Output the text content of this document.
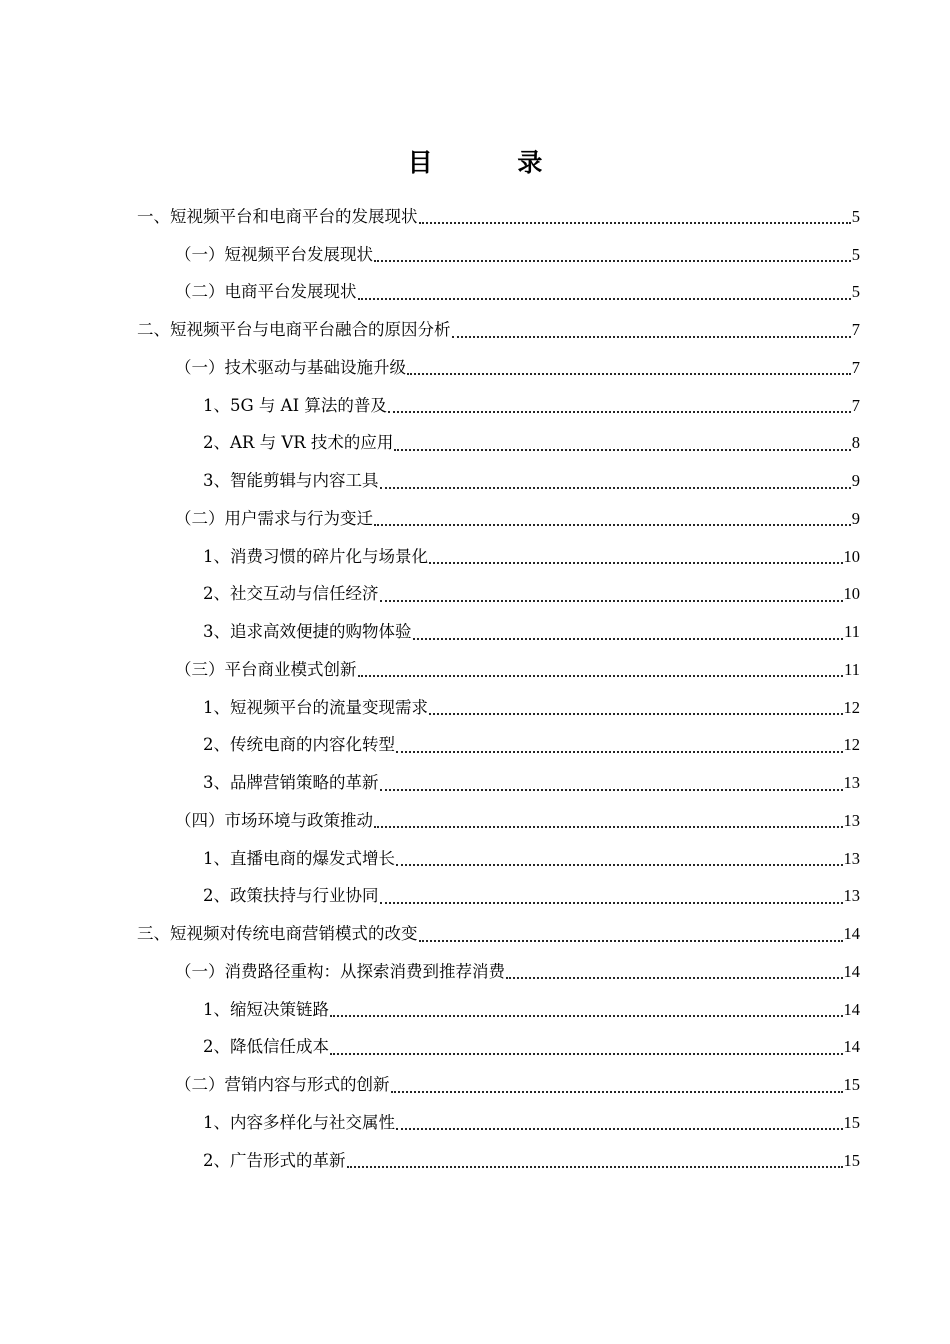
目 录
一、短视频平台和电商平台的发展现状	5
（一）短视频平台发展现状	5
（二）电商平台发展现状	5
二、短视频平台与电商平台融合的原因分析	7
（一）技术驱动与基础设施升级	7
1、5G 与 AI 算法的普及	7
2、AR 与 VR 技术的应用	8
3、智能剪辑与内容工具	9
（二）用户需求与行为变迁	9
1、消费习惯的碎片化与场景化	10
2、社交互动与信任经济	10
3、追求高效便捷的购物体验	11
（三）平台商业模式创新	11
1、短视频平台的流量变现需求	12
2、传统电商的内容化转型	12
3、品牌营销策略的革新	13
（四）市场环境与政策推动	13
1、直播电商的爆发式增长	13
2、政策扶持与行业协同	13
三、短视频对传统电商营销模式的改变	14
（一）消费路径重构：从探索消费到推荐消费	14
1、缩短决策链路	14
2、降低信任成本	14
（二）营销内容与形式的创新	15
1、内容多样化与社交属性	15
2、广告形式的革新	15
